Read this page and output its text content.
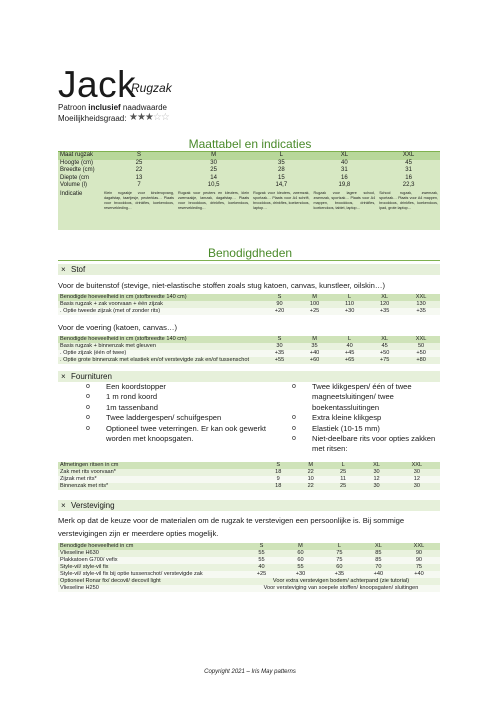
Jack
Rugzak
Patroon inclusief naadwaarde
Moeilijkheidsgraad: ★★★☆☆
Maattabel en indicaties
Maat rugzak	S	M	L	XL	XXL
Hoogte (cm)	25	30	35	40	45
Breedte (cm)	22	25	28	31	31
Diepte (cm	13	14	15	16	16
Volume (l)	7	10,5	14,7	19,8	22,3
Indicatie	Klein rugzakje voor kinderopvang, dagafstap, taartjesje, peuterklas… Plaats voor brooddoos, drinkfles, koekendoos, reservekleding…	Rugzak voor peuters en kleuters, klein zwemzakje, lamzak, dagafstap… Plaats voor brooddoos, drinkfles, koekendoos, reservekleding…	Rugzak voor kleuters, zwemzak, sportzak… Plaats voor A4 schrift, brooddoos, drinkfles, koekendoos, laptop…	Rugzak voor lagere school, zwemzak, sportzak… Plaats voor A4 mappen, brooddoos, drinkfles, koekendoos, tablet, laptop…	School rugzak, zwemzak, sportzak… Plaats voor A4 mappen, brooddoos, drinkfles, koekendoos, ipad, grote laptop…
Benodigdheden
× Stof
Voor de buitenstof (stevige, niet-elastische stoffen zoals stug katoen, canvas, kunstleer, oilskin…)
Benodigde hoeveelheid in cm (stofbreedte 140 cm)	S	M	L	XL	XXL
Basis rugzak + zak voorvaan + één zijzak	90	100	110	120	130
. Optie tweede zijzak (met of zonder rits)	+20	+25	+30	+35	+35
Voor de voering (katoen, canvas…)
Benodigde hoeveelheid in cm (stofbreedte 140 cm)	S	M	L	XL	XXL
Basis rugzak + binnenzak met gleuven	30	35	40	45	50
. Optie zijzak (één of twee)	+35	+40	+45	+50	+50
. Optie grote binnenzak met elastiek en/of verstevigde zak en/of tussenschot	+55	+60	+65	+75	+80
× Fournituren
o Een koordstopper
o 1 m rond koord
o 1m tassenband
o Twee laddergespen/ schuifgespen
o Optioneel twee veterringen. Er kan ook gewerkt worden met knoopsgaten.
o Twee klikgespen/ één of twee magneetsluitingen/ twee boekentassluitingen
o Extra kleine klikgesp
o Elastiek (10-15 mm)
o Niet-deelbare rits voor opties zakken met ritsen:
Afmetingen ritsen in cm	S	M	L	XL	XXL
Zak met rits voorvaan*	18	22	25	30	30
Zijzak met rits*	9	10	11	12	12
Binnenzak met rits*	18	22	25	30	30
× Versteviging
Merk op dat de keuze voor de materialen om de rugzak te verstevigen een persoonlijke is. Bij sommige verstevigingen zijn er meerdere opties mogelijk.
Benodigde hoeveelheid in cm	S	M	L	XL	XXL
Vlieseline H630	55	60	75	85	90
Plakkatoen G700/ vefix	55	60	75	85	90
Style-vil/ style-vil fix	40	55	60	70	75
Style-vil/ style-vil fix bij optie tussenschot/ verstevigde zak	+25	+30	+35	+40	+40
Optioneel Ronar fix/ decovil/ decovil light	Voor extra verstevigen bodem/ achterpand (zie tutorial)				
Vlieseline H250	Voor versteviging van soepele stoffen/ knoopsgaten/ sluitingen				
Copyright 2021 – Iris May patterns
